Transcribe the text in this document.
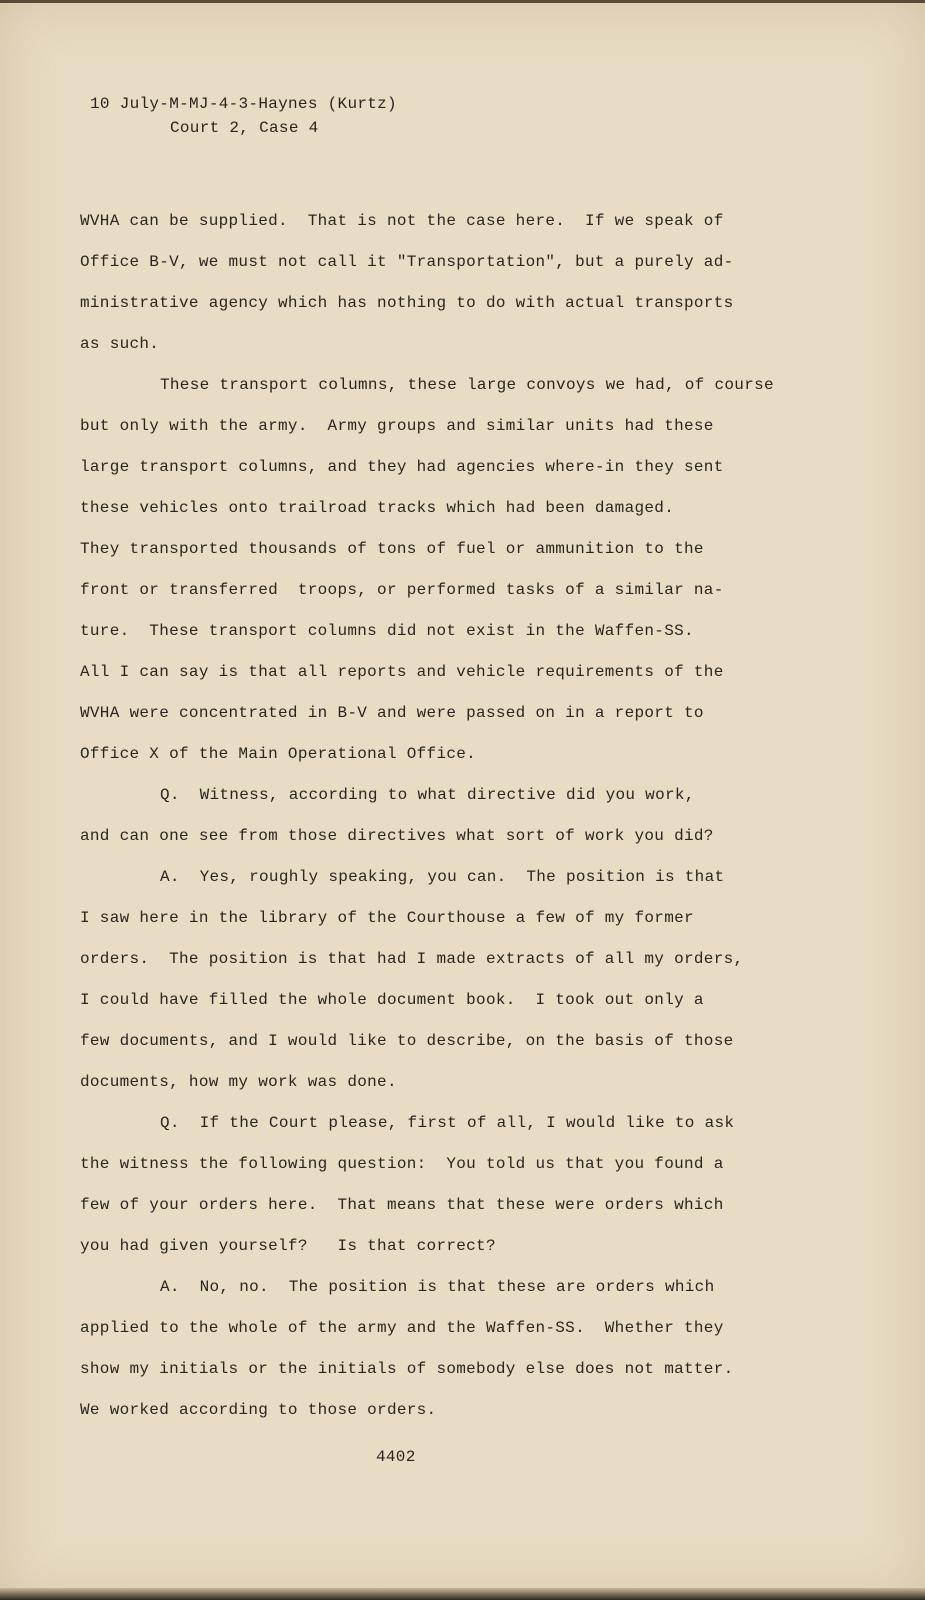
10 July-M-MJ-4-3-Haynes (Kurtz)
Court 2, Case 4
WVHA can be supplied.  That is not the case here.  If we speak of
Office B-V, we must not call it "Transportation", but a purely ad-
ministrative agency which has nothing to do with actual transports
as such.
These transport columns, these large convoys we had, of course
but only with the army.  Army groups and similar units had these
large transport columns, and they had agencies where-in they sent
these vehicles onto trailroad tracks which had been damaged.
They transported thousands of tons of fuel or ammunition to the
front or transferred  troops, or performed tasks of a similar na-
ture.  These transport columns did not exist in the Waffen-SS.
All I can say is that all reports and vehicle requirements of the
WVHA were concentrated in B-V and were passed on in a report to
Office X of the Main Operational Office.
Q.  Witness, according to what directive did you work,
and can one see from those directives what sort of work you did?
A.  Yes, roughly speaking, you can.  The position is that
I saw here in the library of the Courthouse a few of my former
orders.  The position is that had I made extracts of all my orders,
I could have filled the whole document book.  I took out only a
few documents, and I would like to describe, on the basis of those
documents, how my work was done.
Q.  If the Court please, first of all, I would like to ask
the witness the following question:  You told us that you found a
few of your orders here.  That means that these were orders which
you had given yourself?   Is that correct?
A.  No, no.  The position is that these are orders which
applied to the whole of the army and the Waffen-SS.  Whether they
show my initials or the initials of somebody else does not matter.
We worked according to those orders.
4402
